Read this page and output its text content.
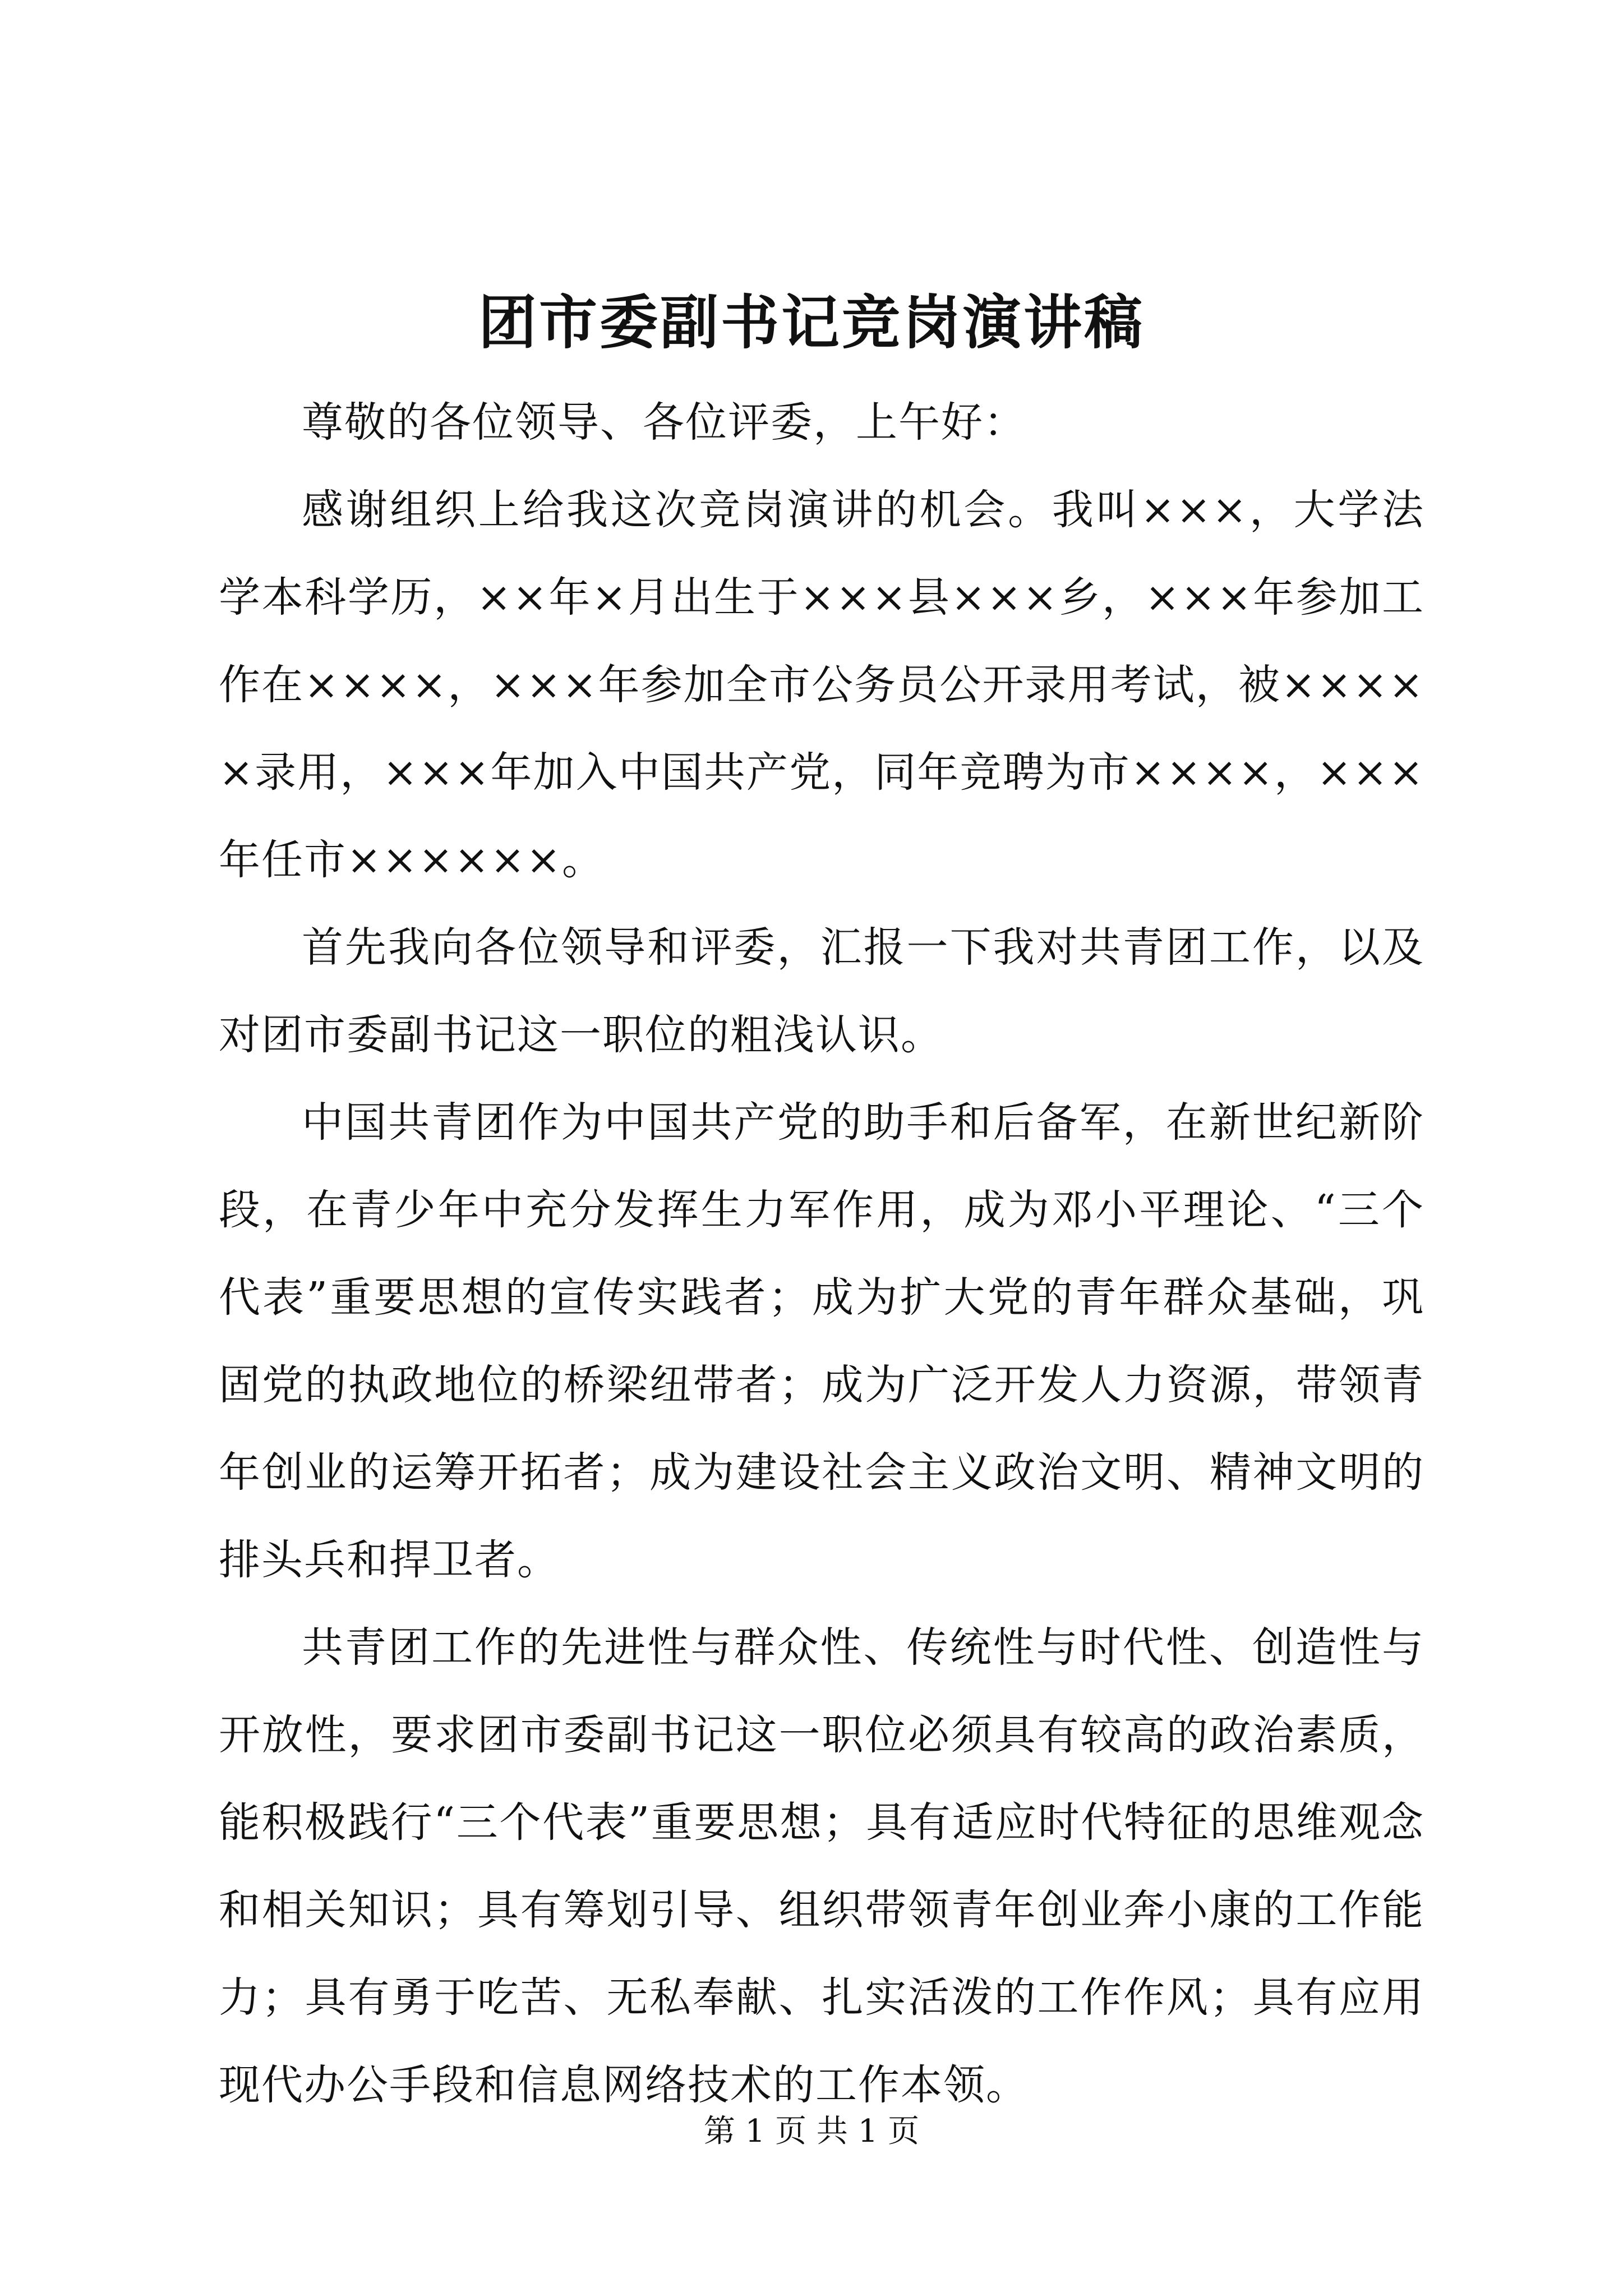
团市委副书记竞岗演讲稿

尊敬的各位领导、各位评委，上午好：

感谢组织上给我这次竞岗演讲的机会。我叫×××，大学法学本科学历，××年×月出生于×××县×××乡，×××年参加工作在××××，×××年参加全市公务员公开录用考试，被×××××录用，×××年加入中国共产党，同年竞聘为市××××，×××年任市××××××。

首先我向各位领导和评委，汇报一下我对共青团工作，以及对团市委副书记这一职位的粗浅认识。

中国共青团作为中国共产党的助手和后备军，在新世纪新阶段，在青少年中充分发挥生力军作用，成为邓小平理论、“三个代表”重要思想的宣传实践者；成为扩大党的青年群众基础，巩固党的执政地位的桥梁纽带者；成为广泛开发人力资源，带领青年创业的运筹开拓者；成为建设社会主义政治文明、精神文明的排头兵和捍卫者。

共青团工作的先进性与群众性、传统性与时代性、创造性与开放性，要求团市委副书记这一职位必须具有较高的政治素质，能积极践行“三个代表”重要思想；具有适应时代特征的思维观念和相关知识；具有筹划引导、组织带领青年创业奔小康的工作能力；具有勇于吃苦、无私奉献、扎实活泼的工作作风；具有应用现代办公手段和信息网络技术的工作本领。

第 1 页 共 1 页
